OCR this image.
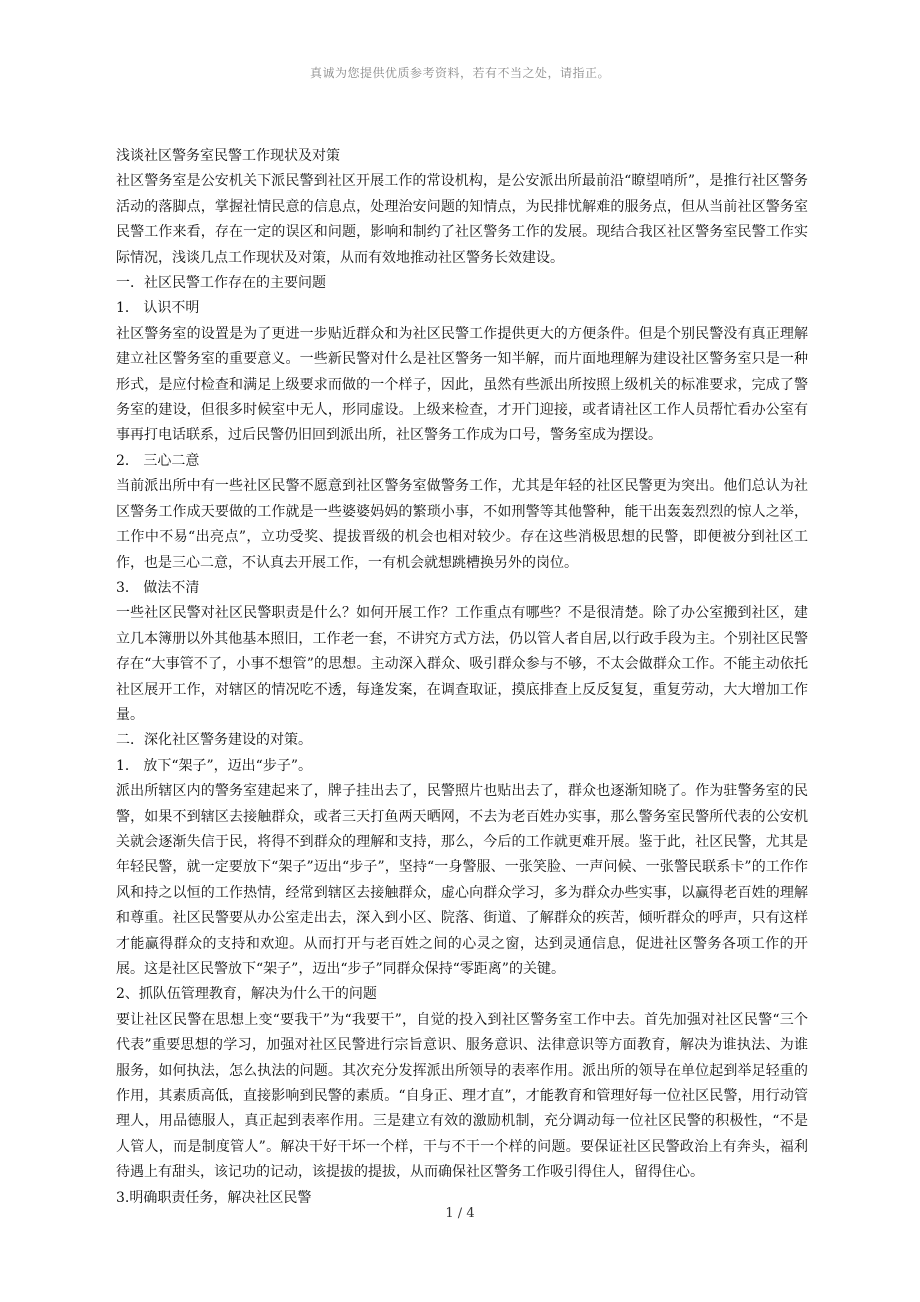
真诚为您提供优质参考资料，若有不当之处，请指正。

浅谈社区警务室民警工作现状及对策

社区警务室是公安机关下派民警到社区开展工作的常设机构，是公安派出所最前沿“瞭望哨所”，是推行社区警务活动的落脚点，掌握社情民意的信息点，处理治安问题的知情点，为民排忧解难的服务点，但从当前社区警务室民警工作来看，存在一定的误区和问题，影响和制约了社区警务工作的发展。现结合我区社区警务室民警工作实际情况，浅谈几点工作现状及对策，从而有效地推动社区警务长效建设。

一．社区民警工作存在的主要问题

1． 认识不明

社区警务室的设置是为了更进一步贴近群众和为社区民警工作提供更大的方便条件。但是个别民警没有真正理解建立社区警务室的重要意义。一些新民警对什么是社区警务一知半解，而片面地理解为建设社区警务室只是一种形式，是应付检查和满足上级要求而做的一个样子，因此，虽然有些派出所按照上级机关的标准要求，完成了警务室的建设，但很多时候室中无人，形同虚设。上级来检查，才开门迎接，或者请社区工作人员帮忙看办公室有事再打电话联系，过后民警仍旧回到派出所，社区警务工作成为口号，警务室成为摆设。

2． 三心二意

当前派出所中有一些社区民警不愿意到社区警务室做警务工作，尤其是年轻的社区民警更为突出。他们总认为社区警务工作成天要做的工作就是一些婆婆妈妈的繁琐小事，不如刑警等其他警种，能干出轰轰烈烈的惊人之举，工作中不易“出亮点”，立功受奖、提拔晋级的机会也相对较少。存在这些消极思想的民警，即便被分到社区工作，也是三心二意，不认真去开展工作，一有机会就想跳槽换另外的岗位。

3． 做法不清

一些社区民警对社区民警职责是什么？如何开展工作？工作重点有哪些？不是很清楚。除了办公室搬到社区，建立几本簿册以外其他基本照旧，工作老一套，不讲究方式方法，仍以管人者自居,以行政手段为主。个别社区民警存在“大事管不了，小事不想管”的思想。主动深入群众、吸引群众参与不够，不太会做群众工作。不能主动依托社区展开工作，对辖区的情况吃不透，每逢发案，在调查取证，摸底排查上反反复复，重复劳动，大大增加工作量。

二．深化社区警务建设的对策。

1． 放下“架子”，迈出“步子”。

派出所辖区内的警务室建起来了，牌子挂出去了，民警照片也贴出去了，群众也逐渐知晓了。作为驻警务室的民警，如果不到辖区去接触群众，或者三天打鱼两天晒网，不去为老百姓办实事，那么警务室民警所代表的公安机关就会逐渐失信于民，将得不到群众的理解和支持，那么，今后的工作就更难开展。鉴于此，社区民警，尤其是年轻民警，就一定要放下“架子”迈出“步子”，坚持“一身警服、一张笑脸、一声问候、一张警民联系卡”的工作作风和持之以恒的工作热情，经常到辖区去接触群众，虚心向群众学习，多为群众办些实事，以赢得老百姓的理解和尊重。社区民警要从办公室走出去，深入到小区、院落、街道、了解群众的疾苦，倾听群众的呼声，只有这样才能赢得群众的支持和欢迎。从而打开与老百姓之间的心灵之窗，达到灵通信息，促进社区警务各项工作的开展。这是社区民警放下“架子”，迈出“步子”同群众保持“零距离”的关键。

2、抓队伍管理教育，解决为什么干的问题

要让社区民警在思想上变“要我干”为“我要干”，自觉的投入到社区警务室工作中去。首先加强对社区民警“三个代表”重要思想的学习，加强对社区民警进行宗旨意识、服务意识、法律意识等方面教育，解决为谁执法、为谁服务，如何执法，怎么执法的问题。其次充分发挥派出所领导的表率作用。派出所的领导在单位起到举足轻重的作用，其素质高低，直接影响到民警的素质。“自身正、理才直”，才能教育和管理好每一位社区民警，用行动管理人，用品德服人，真正起到表率作用。三是建立有效的激励机制，充分调动每一位社区民警的积极性，“不是人管人，而是制度管人”。解决干好干坏一个样，干与不干一个样的问题。要保证社区民警政治上有奔头，福利待遇上有甜头，该记功的记动，该提拔的提拔，从而确保社区警务工作吸引得住人，留得住心。

3.明确职责任务，解决社区民警

1 / 4
